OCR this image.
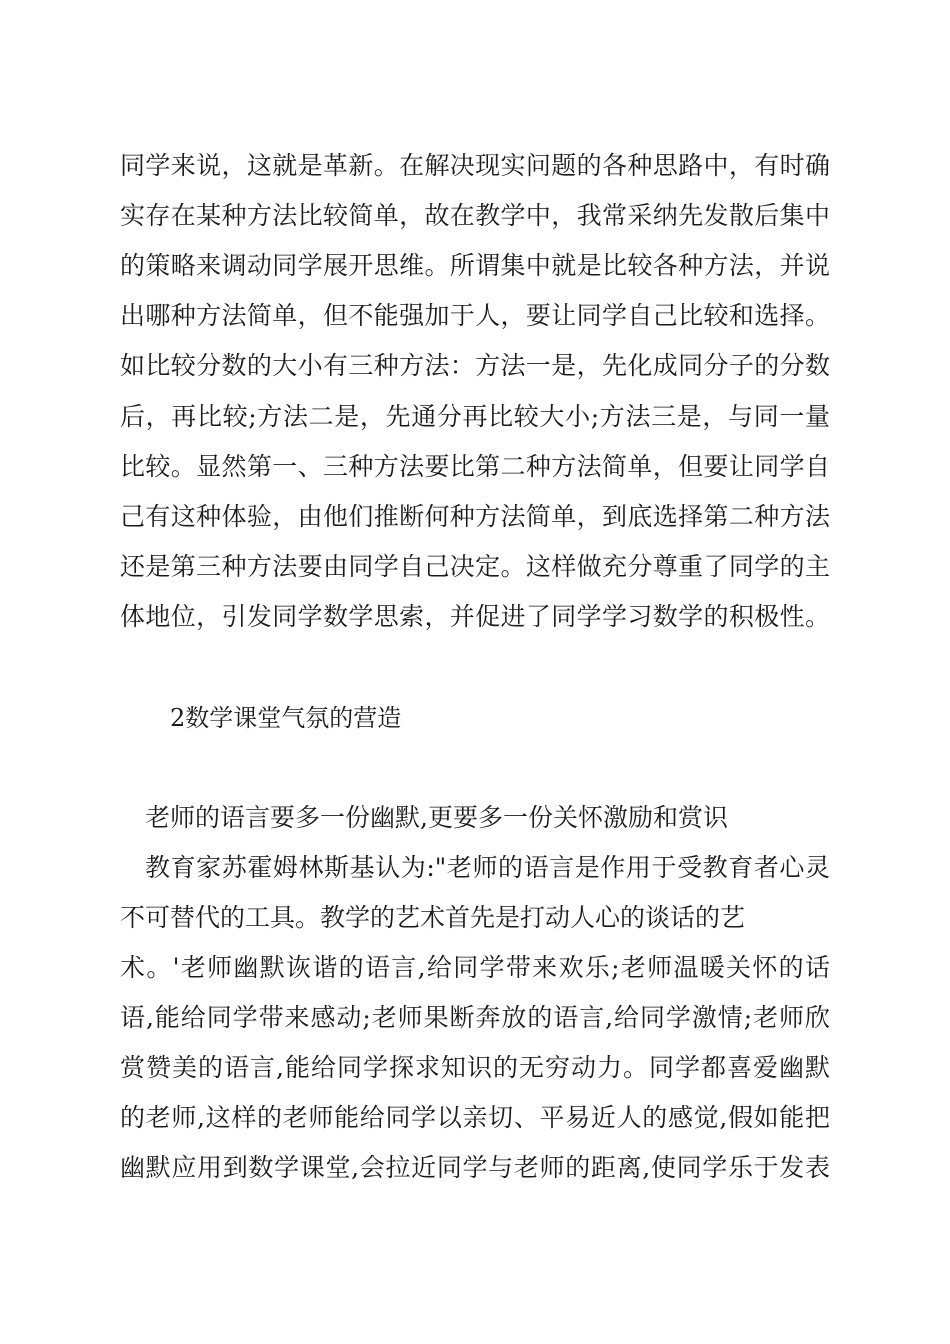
同学来说，这就是革新。在解决现实问题的各种思路中，有时确
实存在某种方法比较简单，故在教学中，我常采纳先发散后集中
的策略来调动同学展开思维。所谓集中就是比较各种方法，并说
出哪种方法简单，但不能强加于人，要让同学自己比较和选择。
如比较分数的大小有三种方法：方法一是，先化成同分子的分数
后，再比较;方法二是，先通分再比较大小;方法三是，与同一量
比较。显然第一、三种方法要比第二种方法简单，但要让同学自
己有这种体验，由他们推断何种方法简单，到底选择第二种方法
还是第三种方法要由同学自己决定。这样做充分尊重了同学的主
体地位，引发同学数学思索，并促进了同学学习数学的积极性。
2数学课堂气氛的营造
老师的语言要多一份幽默,更要多一份关怀激励和赏识
教育家苏霍姆林斯基认为:"老师的语言是作用于受教育者心灵
不可替代的工具。教学的艺术首先是打动人心的谈话的艺
术。'老师幽默诙谐的语言,给同学带来欢乐;老师温暖关怀的话
语,能给同学带来感动;老师果断奔放的语言,给同学激情;老师欣
赏赞美的语言,能给同学探求知识的无穷动力。同学都喜爱幽默
的老师,这样的老师能给同学以亲切、平易近人的感觉,假如能把
幽默应用到数学课堂,会拉近同学与老师的距离,使同学乐于发表
